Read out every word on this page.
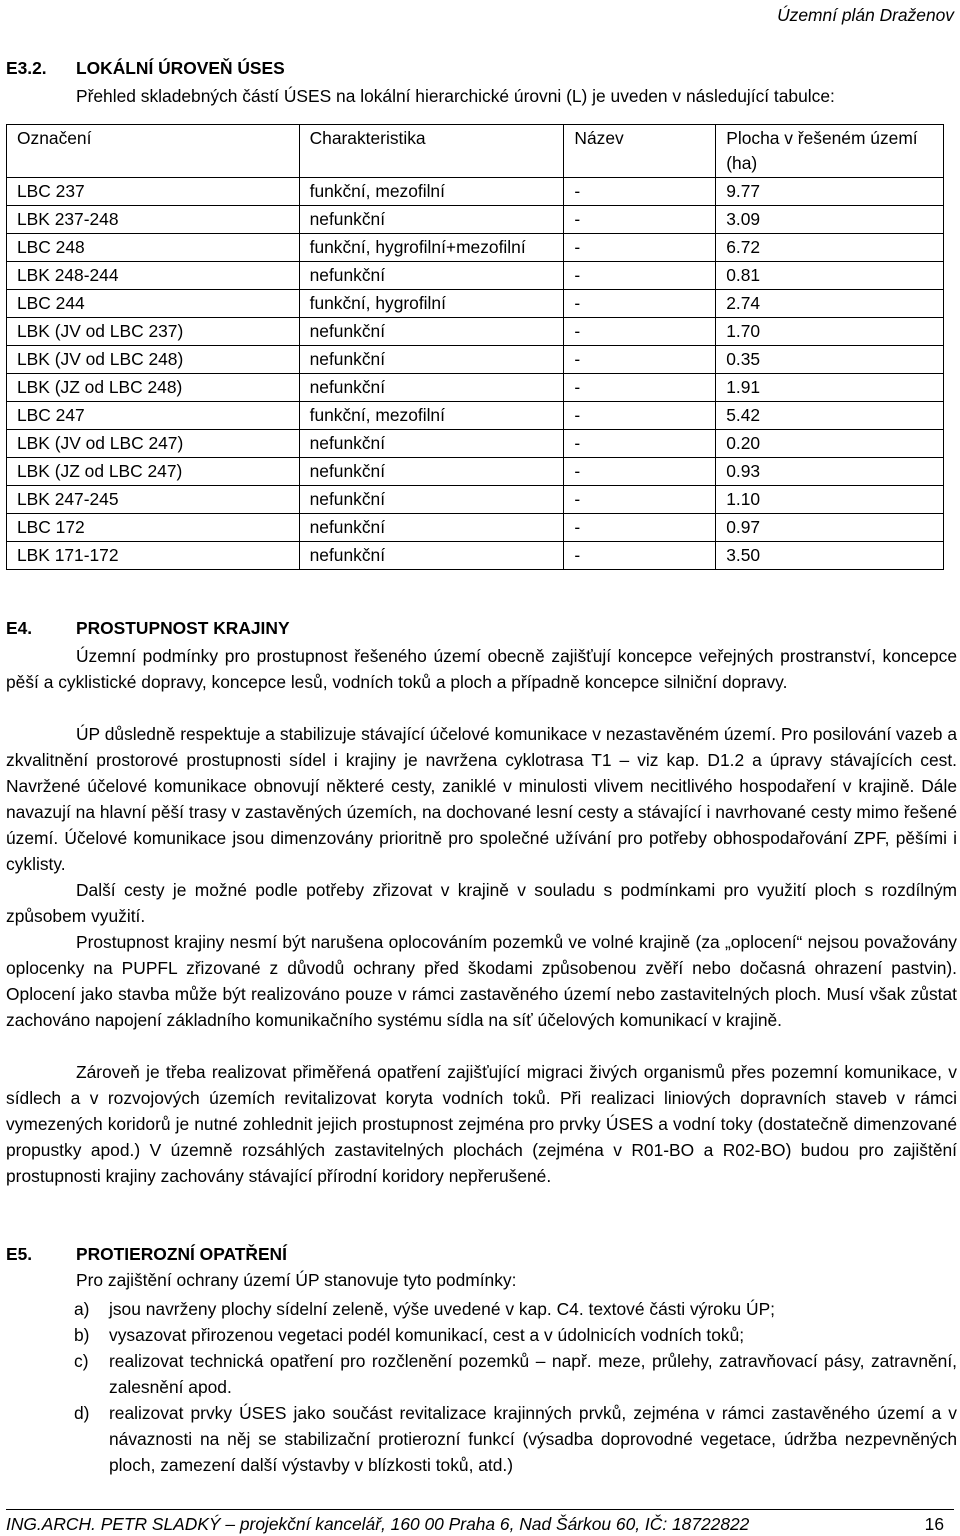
Územní plán Draženov
E3.2. LOKÁLNÍ ÚROVEŇ ÚSES
Přehled skladebných částí ÚSES na lokální hierarchické úrovni (L) je uveden v následující tabulce:
Označení	Charakteristika	Název	Plocha v řešeném území (ha)
LBC 237	funkční, mezofilní	-	9.77
LBK 237-248	nefunkční	-	3.09
LBC 248	funkční, hygrofilní+mezofilní	-	6.72
LBK 248-244	nefunkční	-	0.81
LBC 244	funkční, hygrofilní	-	2.74
LBK (JV od LBC 237)	nefunkční	-	1.70
LBK (JV od LBC 248)	nefunkční	-	0.35
LBK (JZ od LBC 248)	nefunkční	-	1.91
LBC 247	funkční, mezofilní	-	5.42
LBK (JV od LBC 247)	nefunkční	-	0.20
LBK (JZ od LBC 247)	nefunkční	-	0.93
LBK 247-245	nefunkční	-	1.10
LBC 172	nefunkční	-	0.97
LBK 171-172	nefunkční	-	3.50
E4.	PROSTUPNOST KRAJINY
Územní podmínky pro prostupnost řešeného území obecně zajišťují koncepce veřejných prostranství, koncepce pěší a cyklistické dopravy, koncepce lesů, vodních toků a ploch a případně koncepce silniční dopravy.
ÚP důsledně respektuje a stabilizuje stávající účelové komunikace v nezastavěném území. Pro posilování vazeb a zkvalitnění prostorové prostupnosti sídel i krajiny je navržena cyklotrasa T1 – viz kap. D1.2 a úpravy stávajících cest. Navržené účelové komunikace obnovují některé cesty, zaniklé v minulosti vlivem necitlivého hospodaření v krajině. Dále navazují na hlavní pěší trasy v zastavěných územích, na dochované lesní cesty a stávající i navrhované cesty mimo řešené území. Účelové komunikace jsou dimenzovány prioritně pro společné užívání pro potřeby obhospodařování ZPF, pěšími i cyklisty.
Další cesty je možné podle potřeby zřizovat v krajině v souladu s podmínkami pro využití ploch s rozdílným způsobem využití.
Prostupnost krajiny nesmí být narušena oplocováním pozemků ve volné krajině (za „oplocení“ nejsou považovány oplocenky na PUPFL zřizované z důvodů ochrany před škodami způsobenou zvěří nebo dočasná ohrazení pastvin). Oplocení jako stavba může být realizováno pouze v rámci zastavěného území nebo zastavitelných ploch. Musí však zůstat zachováno napojení základního komunikačního systému sídla na síť účelových komunikací v krajině.
Zároveň je třeba realizovat přiměřená opatření zajišťující migraci živých organismů přes pozemní komunikace, v sídlech a v rozvojových územích revitalizovat koryta vodních toků. Při realizaci liniových dopravních staveb v rámci vymezených koridorů je nutné zohlednit jejich prostupnost zejména pro prvky ÚSES a vodní toky (dostatečně dimenzované propustky apod.) V územně rozsáhlých zastavitelných plochách (zejména v R01-BO a R02-BO) budou pro zajištění prostupnosti krajiny zachovány stávající přírodní koridory nepřerušené.
E5.	PROTIEROZNÍ OPATŘENÍ
Pro zajištění ochrany území ÚP stanovuje tyto podmínky:
a) jsou navrženy plochy sídelní zeleně, výše uvedené v kap. C4. textové části výroku ÚP;
b) vysazovat přirozenou vegetaci podél komunikací, cest a v údolnicích vodních toků;
c) realizovat technická opatření pro rozčlenění pozemků – např. meze, průlehy, zatravňovací pásy, zatravnění, zalesnění apod.
d) realizovat prvky ÚSES jako součást revitalizace krajinných prvků, zejména v rámci zastavěného území a v návaznosti na něj se stabilizační protierozní funkcí (výsadba doprovodné vegetace, údržba nezpevněných ploch, zamezení další výstavby v blízkosti toků, atd.)
ING.ARCH. PETR SLADKÝ – projekční kancelář, 160 00 Praha 6, Nad Šárkou 60, IČ: 18722822	16
